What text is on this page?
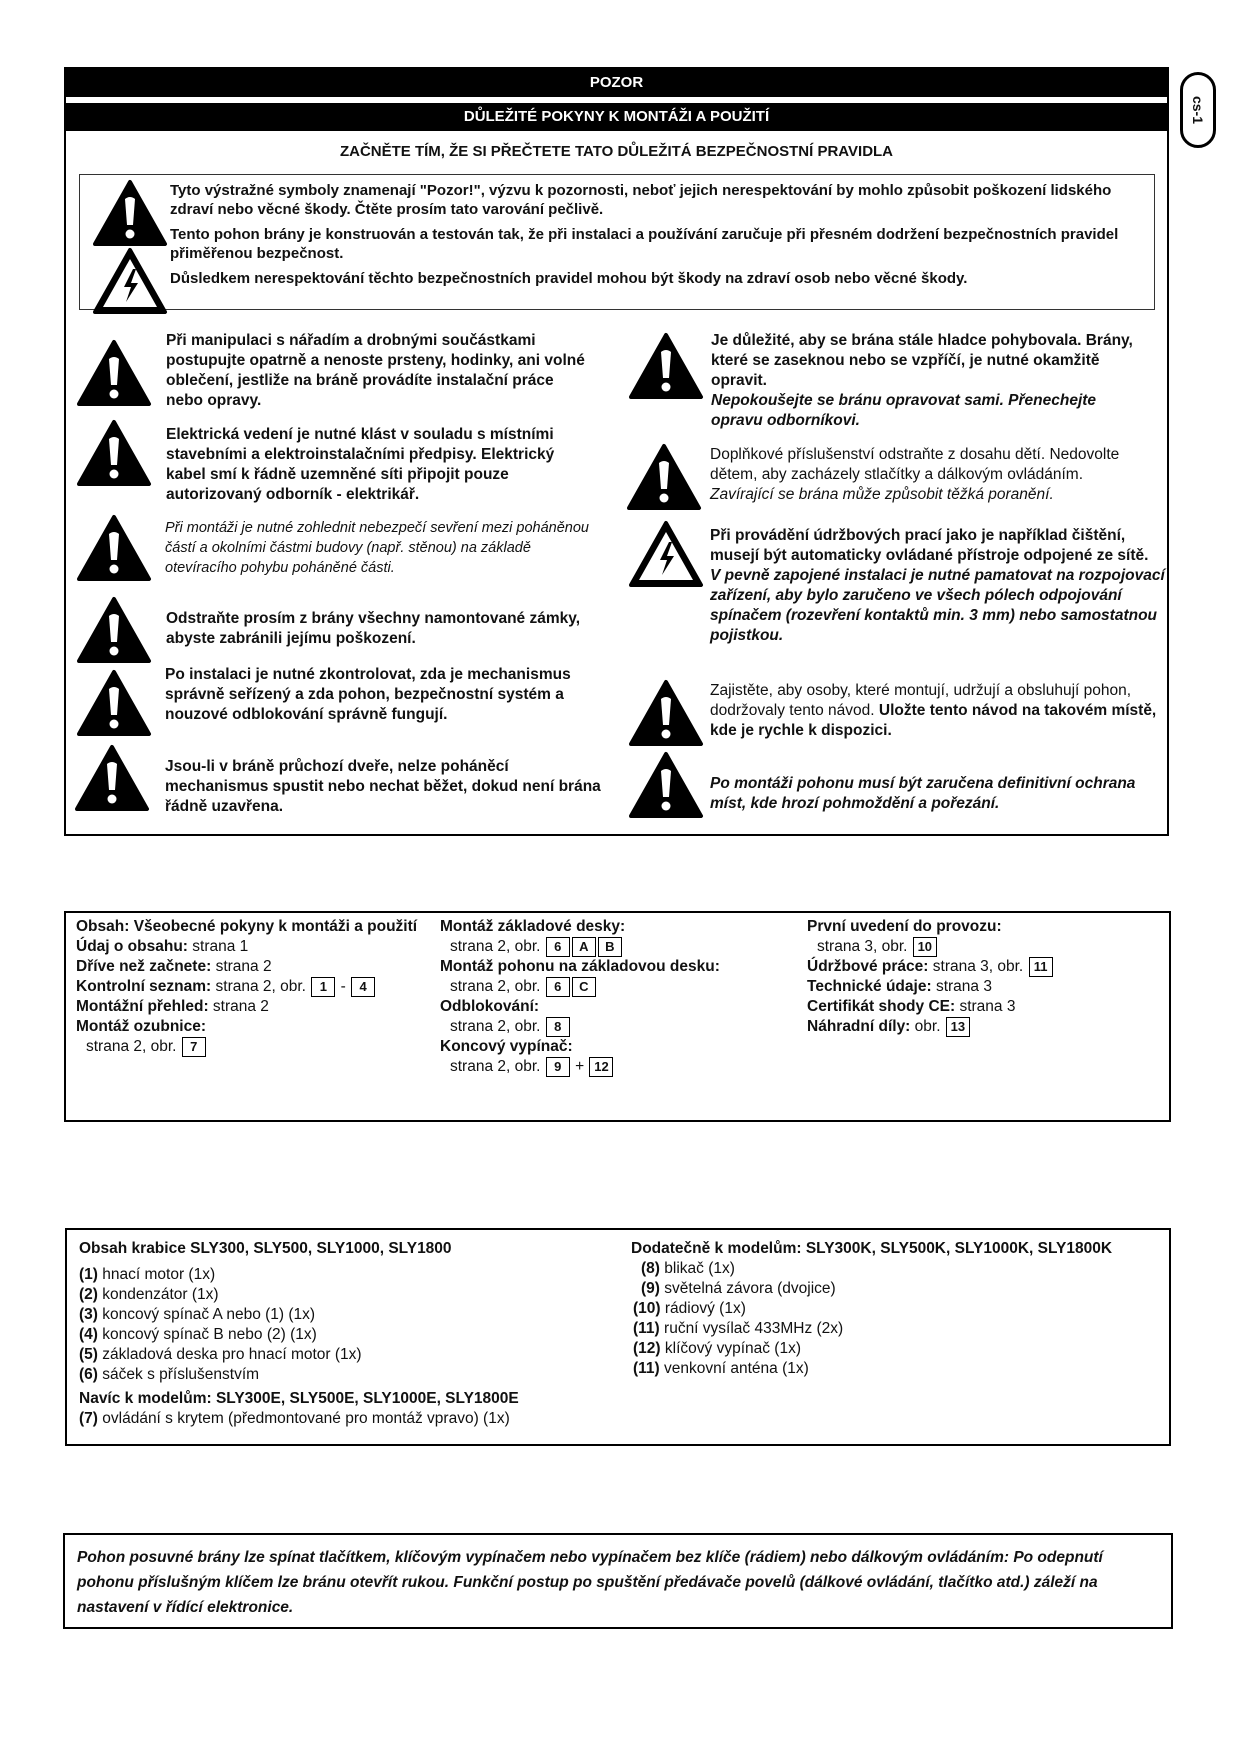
cs-1
POZOR
DŮLEŽITÉ POKYNY K MONTÁŽI A POUŽITÍ
ZAČNĚTE TÍM, ŽE SI PŘEČTETE TATO DŮLEŽITÁ BEZPEČNOSTNÍ PRAVIDLA
Tyto výstražné symboly znamenají "Pozor!", výzvu k pozornosti, neboť jejich nerespektování by mohlo způsobit poškození lidského zdraví nebo věcné škody. Čtěte prosím tato varování pečlivě.
Tento pohon brány je konstruován a testován tak, že při instalaci a používání zaručuje při přesném dodržení bezpečnostních pravidel přiměřenou bezpečnost.
Důsledkem nerespektování těchto bezpečnostních pravidel mohou být škody na zdraví osob nebo věcné škody.
Při manipulaci s nářadím a drobnými součástkami postupujte opatrně a nenoste prsteny, hodinky, ani volné oblečení, jestliže na bráně provádíte instalační práce nebo opravy.
Elektrická vedení je nutné klást v souladu s místními stavebními a elektroinstalačními předpisy. Elektrický kabel smí k řádně uzemněné síti připojit pouze autorizovaný odborník - elektrikář.
Při montáži je nutné zohlednit nebezpečí sevření mezi poháněnou částí a okolními částmi budovy (např. stěnou) na základě otevíracího pohybu poháněné části.
Odstraňte prosím z brány všechny namontované zámky, abyste zabránili jejímu poškození.
Po instalaci je nutné zkontrolovat, zda je mechanismus správně seřízený a zda pohon, bezpečnostní systém a nouzové odblokování správně fungují.
Jsou-li v bráně průchozí dveře, nelze poháněcí mechanismus spustit nebo nechat běžet, dokud není brána řádně uzavřena.
Je důležité, aby se brána stále hladce pohybovala. Brány, které se zaseknou nebo se vzpříčí, je nutné okamžitě opravit.
Nepokoušejte se bránu opravovat sami. Přenechejte opravu odborníkovi.
Doplňkové příslušenství odstraňte z dosahu dětí. Nedovolte dětem, aby zacházely stlačítky a dálkovým ovládáním.
Zavírající se brána může způsobit těžká poranění.
Při provádění údržbových prací jako je například čištění, musejí být automaticky ovládané přístroje odpojené ze sítě.
V pevně zapojené instalaci je nutné pamatovat na rozpojovací zařízení, aby bylo zaručeno ve všech pólech odpojování spínačem (rozevření kontaktů min. 3 mm) nebo samostatnou pojistkou.
Zajistěte, aby osoby, které montují, udržují a obsluhují pohon, dodržovaly tento návod. Uložte tento návod na takovém místě, kde je rychle k dispozici.
Po montáži pohonu musí být zaručena definitivní ochrana míst, kde hrozí pohmoždění a pořezání.
Obsah: Všeobecné pokyny k montáži a použití
Údaj o obsahu: strana 1
Dříve než začnete: strana 2
Kontrolní seznam: strana 2, obr. 1 - 4
Montážní přehled: strana 2
Montáž ozubnice:
strana 2, obr. 7
Montáž základové desky:
strana 2, obr. 6 A B
Montáž pohonu na základovou desku:
strana 2, obr. 6 C
Odblokování:
strana 2, obr. 8
Koncový vypínač:
strana 2, obr. 9 + 12
První uvedení do provozu:
strana 3, obr. 10
Údržbové práce: strana 3, obr. 11
Technické údaje: strana 3
Certifikát shody CE: strana 3
Náhradní díly: obr. 13
Obsah krabice SLY300, SLY500, SLY1000, SLY1800
(1) hnací motor (1x)
(2) kondenzátor (1x)
(3) koncový spínač A nebo (1) (1x)
(4) koncový spínač B nebo (2) (1x)
(5) základová deska pro hnací motor (1x)
(6) sáček s příslušenstvím
Navíc k modelům: SLY300E, SLY500E, SLY1000E, SLY1800E
(7) ovládání s krytem (předmontované pro montáž vpravo) (1x)
Dodatečně k modelům: SLY300K, SLY500K, SLY1000K, SLY1800K
(8) blikač (1x)
(9) světelná závora (dvojice)
(10) rádiový (1x)
(11) ruční vysílač 433MHz (2x)
(12) klíčový vypínač (1x)
(11) venkovní anténa (1x)
Pohon posuvné brány lze spínat tlačítkem, klíčovým vypínačem nebo vypínačem bez klíče (rádiem) nebo dálkovým ovládáním: Po odepnutí pohonu příslušným klíčem lze bránu otevřít rukou. Funkční postup po spuštění předávače povelů (dálkové ovládání, tlačítko atd.) záleží na nastavení v řídící elektronice.
